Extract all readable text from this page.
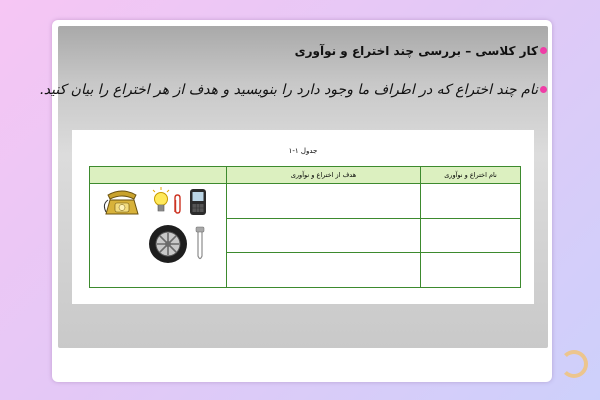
کار کلاسی – بررسی چند اختراع و نوآوری
نام چند اختراع که در اطراف ما وجود دارد را بنویسید و هدف از هر اختراع را بیان کنید.
جدول ۱-۱
نام اختراع و نوآوری	هدف از اختراع و نوآوری	

gama
